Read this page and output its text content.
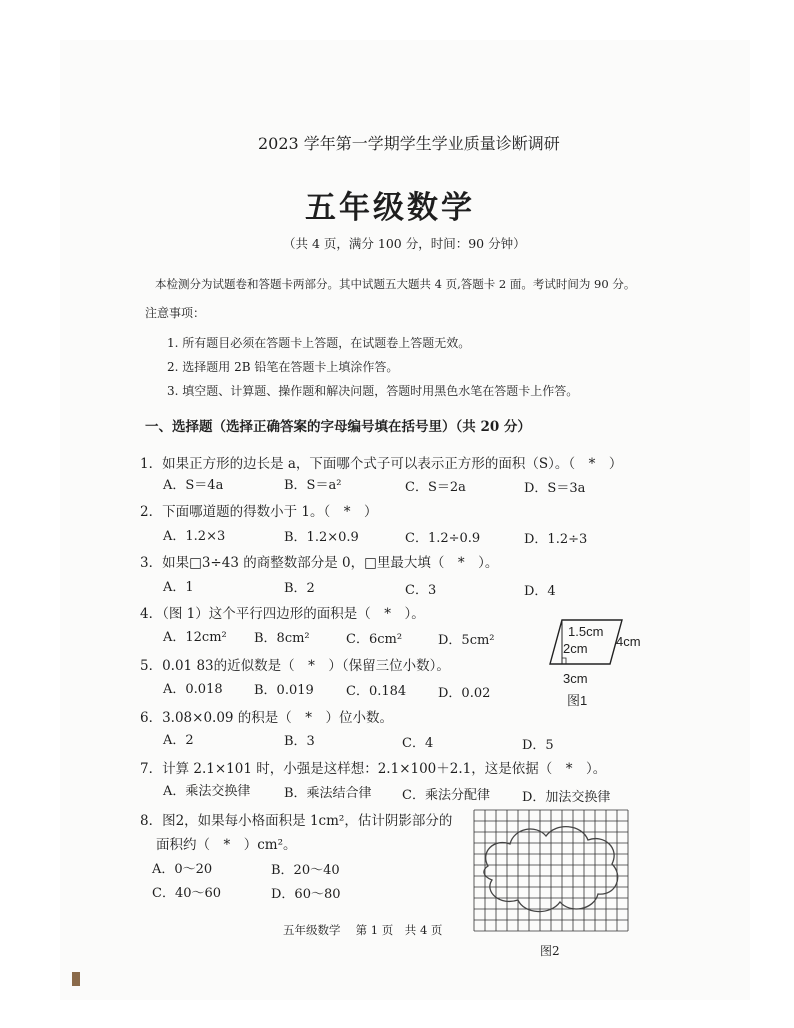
2023 学年第一学期学生学业质量诊断调研
五年级数学
（共 4 页，满分 100 分，时间：90 分钟）
本检测分为试题卷和答题卡两部分。其中试题五大题共 4 页,答题卡 2 面。考试时间为 90 分。
注意事项：
1. 所有题目必须在答题卡上答题，在试题卷上答题无效。
2. 选择题用 2B 铅笔在答题卡上填涂作答。
3. 填空题、计算题、操作题和解决问题，答题时用黑色水笔在答题卡上作答。
一、选择题（选择正确答案的字母编号填在括号里）（共 20 分）
1．如果正方形的边长是 a，下面哪个式子可以表示正方形的面积（S）。（　*　）
A．S＝4a	B．S＝a²	C．S＝2a	D．S＝3a
2．下面哪道题的得数小于 1。（　*　）
A．1.2×3	B．1.2×0.9	C．1.2÷0.9	D．1.2÷3
3．如果□3÷43 的商整数部分是 0，□里最大填（　*　）。
A．1	B．2	C．3	D．4
4．（图 1）这个平行四边形的面积是（　*　）。
A．12cm² B．8cm²	C．6cm²	D．5cm²
5．0.01 83的近似数是（　*　）（保留三位小数）。
A．0.018 B．0.019 C．0.184 D．0.02
1.5cm
4cm
2cm
3cm
图1
6．3.08×0.09 的积是（　*　）位小数。
A．2	B．3	C．4	D．5
7．计算 2.1×101 时，小强是这样想：2.1×100＋2.1，这是依据（　*　）。
A．乘法交换律	B．乘法结合律 C．乘法分配律 D．加法交换律
8．图2，如果每小格面积是 1cm²，估计阴影部分的
面积约（　*　）cm²。
A．0～20	B．20～40
C．40～60	D．60～80
图2
五年级数学　 第 1 页　共 4 页
